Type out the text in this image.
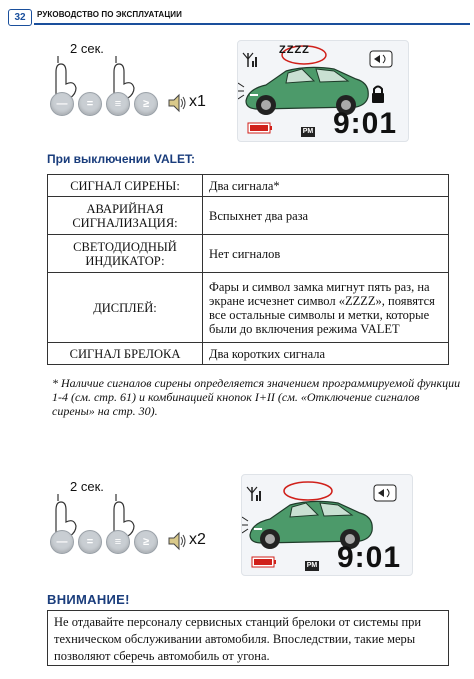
32	РУКОВОДСТВО ПО ЭКСПЛУАТАЦИИ
2 сек.
—	=	≡	≥	x1
ZZZZ
PM 9:01
При выключении VALET:
СИГНАЛ СИРЕНЫ:	Два сигнала*
АВАРИЙНАЯ СИГНАЛИЗАЦИЯ:	Вспыхнет два раза
СВЕТОДИОДНЫЙ ИНДИКАТОР:	Нет сигналов
ДИСПЛЕЙ:	Фары и символ замка мигнут пять раз, на экране исчезнет символ «ZZZZ», появятся все остальные символы и метки, которые были до включения режима VALET
СИГНАЛ БРЕЛОКА	Два коротких сигнала
* Наличие сигналов сирены определяется значением программируемой функции 1-4 (см. стр. 61) и комбинацией кнопок I+II (см. «Отключение сигналов сирены» на стр. 30).
2 сек.
—	=	≡	≥	x2
PM 9:01
ВНИМАНИЕ!
Не отдавайте персоналу сервисных станций брелоки от системы при техническом обслуживании автомобиля. Впоследствии, такие меры позволяют сберечь автомобиль от угона.
